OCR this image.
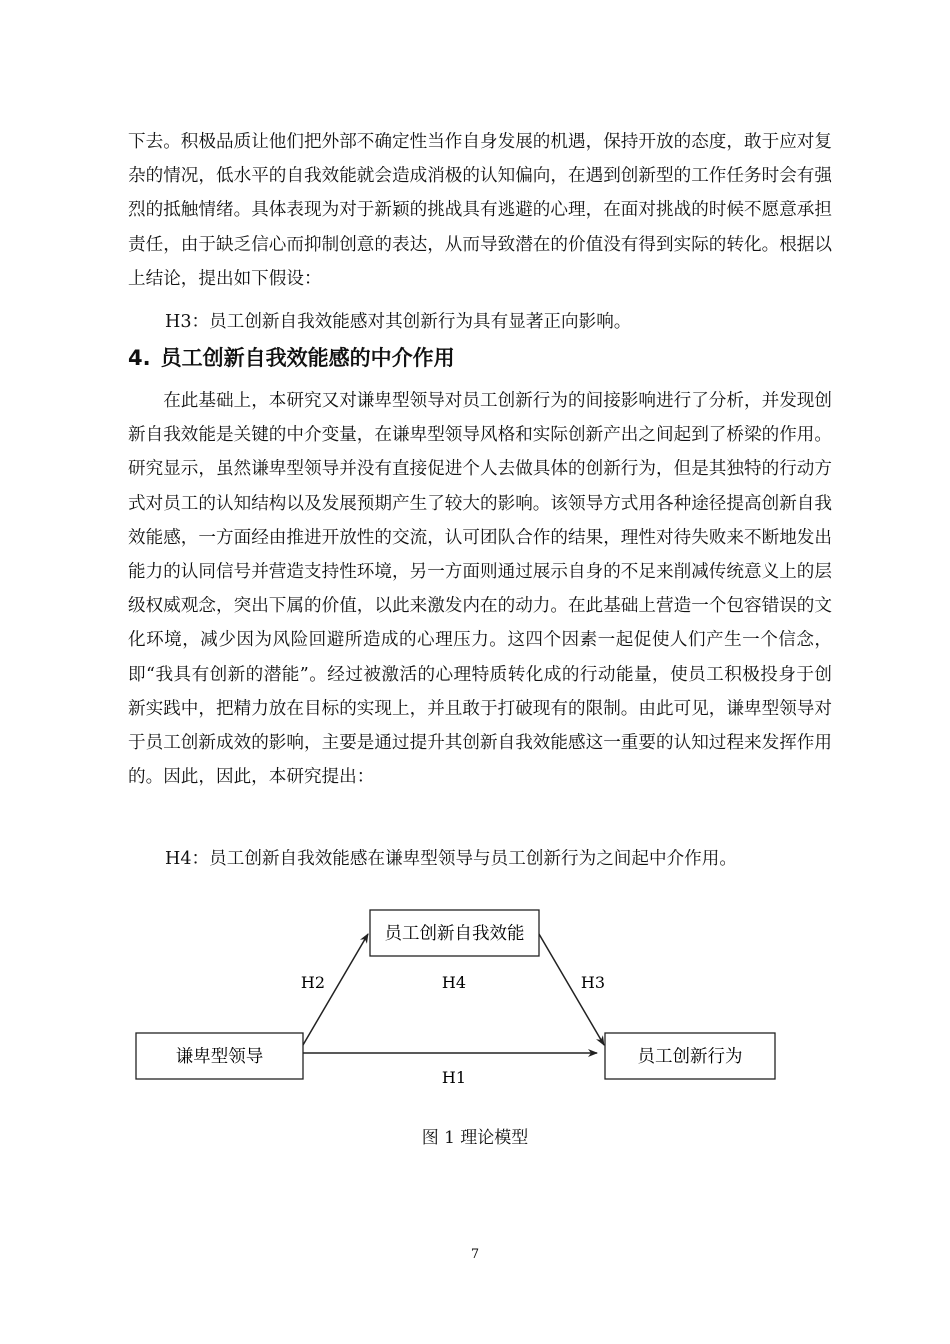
下去。积极品质让他们把外部不确定性当作自身发展的机遇，保持开放的态度，敢于应对复杂的情况，低水平的自我效能就会造成消极的认知偏向，在遇到创新型的工作任务时会有强烈的抵触情绪。具体表现为对于新颖的挑战具有逃避的心理，在面对挑战的时候不愿意承担责任，由于缺乏信心而抑制创意的表达，从而导致潜在的价值没有得到实际的转化。根据以上结论，提出如下假设：

H3：员工创新自我效能感对其创新行为具有显著正向影响。

4. 员工创新自我效能感的中介作用

在此基础上，本研究又对谦卑型领导对员工创新行为的间接影响进行了分析，并发现创新自我效能是关键的中介变量，在谦卑型领导风格和实际创新产出之间起到了桥梁的作用。研究显示，虽然谦卑型领导并没有直接促进个人去做具体的创新行为，但是其独特的行动方式对员工的认知结构以及发展预期产生了较大的影响。该领导方式用各种途径提高创新自我效能感，一方面经由推进开放性的交流，认可团队合作的结果，理性对待失败来不断地发出能力的认同信号并营造支持性环境，另一方面则通过展示自身的不足来削减传统意义上的层级权威观念，突出下属的价值，以此来激发内在的动力。在此基础上营造一个包容错误的文化环境，减少因为风险回避所造成的心理压力。这四个因素一起促使人们产生一个信念，即“我具有创新的潜能”。经过被激活的心理特质转化成的行动能量，使员工积极投身于创新实践中，把精力放在目标的实现上，并且敢于打破现有的限制。由此可见，谦卑型领导对于员工创新成效的影响，主要是通过提升其创新自我效能感这一重要的认知过程来发挥作用的。因此，因此，本研究提出：

H4：员工创新自我效能感在谦卑型领导与员工创新行为之间起中介作用。

谦卑型领导
员工创新自我效能
员工创新行为
H2	H4	H3
H1

图 1 理论模型

7
